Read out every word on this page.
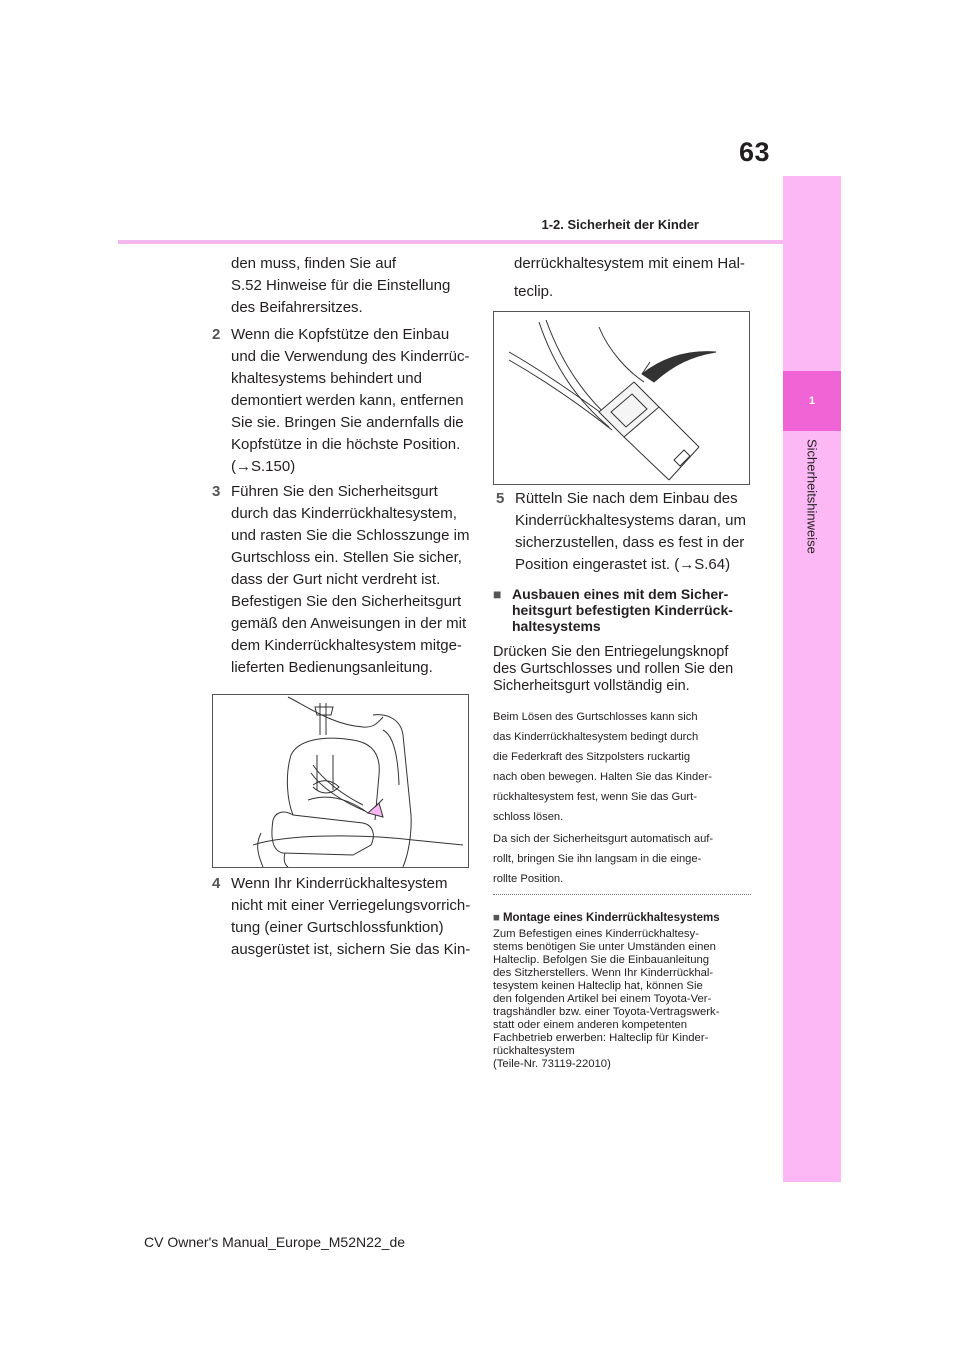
63
1-2. Sicherheit der Kinder
1
Sicherheitshinweise

den muss, finden Sie auf

S.52 Hinweise für die Einstellung

des Beifahrersitzes.

2 Wenn die Kopfstütze den Einbau

und die Verwendung des Kinderrüc-

khaltesystems behindert und

demontiert werden kann, entfernen

Sie sie. Bringen Sie andernfalls die

Kopfstütze in die höchste Position.

(→S.150)

3 Führen Sie den Sicherheitsgurt

durch das Kinderrückhaltesystem,

und rasten Sie die Schlosszunge im

Gurtschloss ein. Stellen Sie sicher,

dass der Gurt nicht verdreht ist.

Befestigen Sie den Sicherheitsgurt

gemäß den Anweisungen in der mit

dem Kinderrückhaltesystem mitge-

lieferten Bedienungsanleitung.

4 Wenn Ihr Kinderrückhaltesystem

nicht mit einer Verriegelungsvorrich-

tung (einer Gurtschlossfunktion)

ausgerüstet ist, sichern Sie das Kin-

derrückhaltesystem mit einem Hal-

teclip.

5 Rütteln Sie nach dem Einbau des

Kinderrückhaltesystems daran, um

sicherzustellen, dass es fest in der

Position eingerastet ist. (→S.64)

■ Ausbauen eines mit dem Sicher-
heitsgurt befestigten Kinderrück-
haltesystems
Drücken Sie den Entriegelungsknopf
des Gurtschlosses und rollen Sie den
Sicherheitsgurt vollständig ein.
Beim Lösen des Gurtschlosses kann sich
das Kinderrückhaltesystem bedingt durch
die Federkraft des Sitzpolsters ruckartig
nach oben bewegen. Halten Sie das Kinder-
rückhaltesystem fest, wenn Sie das Gurt-
schloss lösen.
Da sich der Sicherheitsgurt automatisch auf-
rollt, bringen Sie ihn langsam in die einge-
rollte Position.
■ Montage eines Kinderrückhaltesystems
Zum Befestigen eines Kinderrückhaltesy-
stems benötigen Sie unter Umständen einen
Halteclip. Befolgen Sie die Einbauanleitung
des Sitzherstellers. Wenn Ihr Kinderrückhal-
tesystem keinen Halteclip hat, können Sie
den folgenden Artikel bei einem Toyota-Ver-
tragshändler bzw. einer Toyota-Vertragswerk-
statt oder einem anderen kompetenten
Fachbetrieb erwerben: Halteclip für Kinder-
rückhaltesystem
(Teile-Nr. 73119-22010)
CV Owner's Manual_Europe_M52N22_de
